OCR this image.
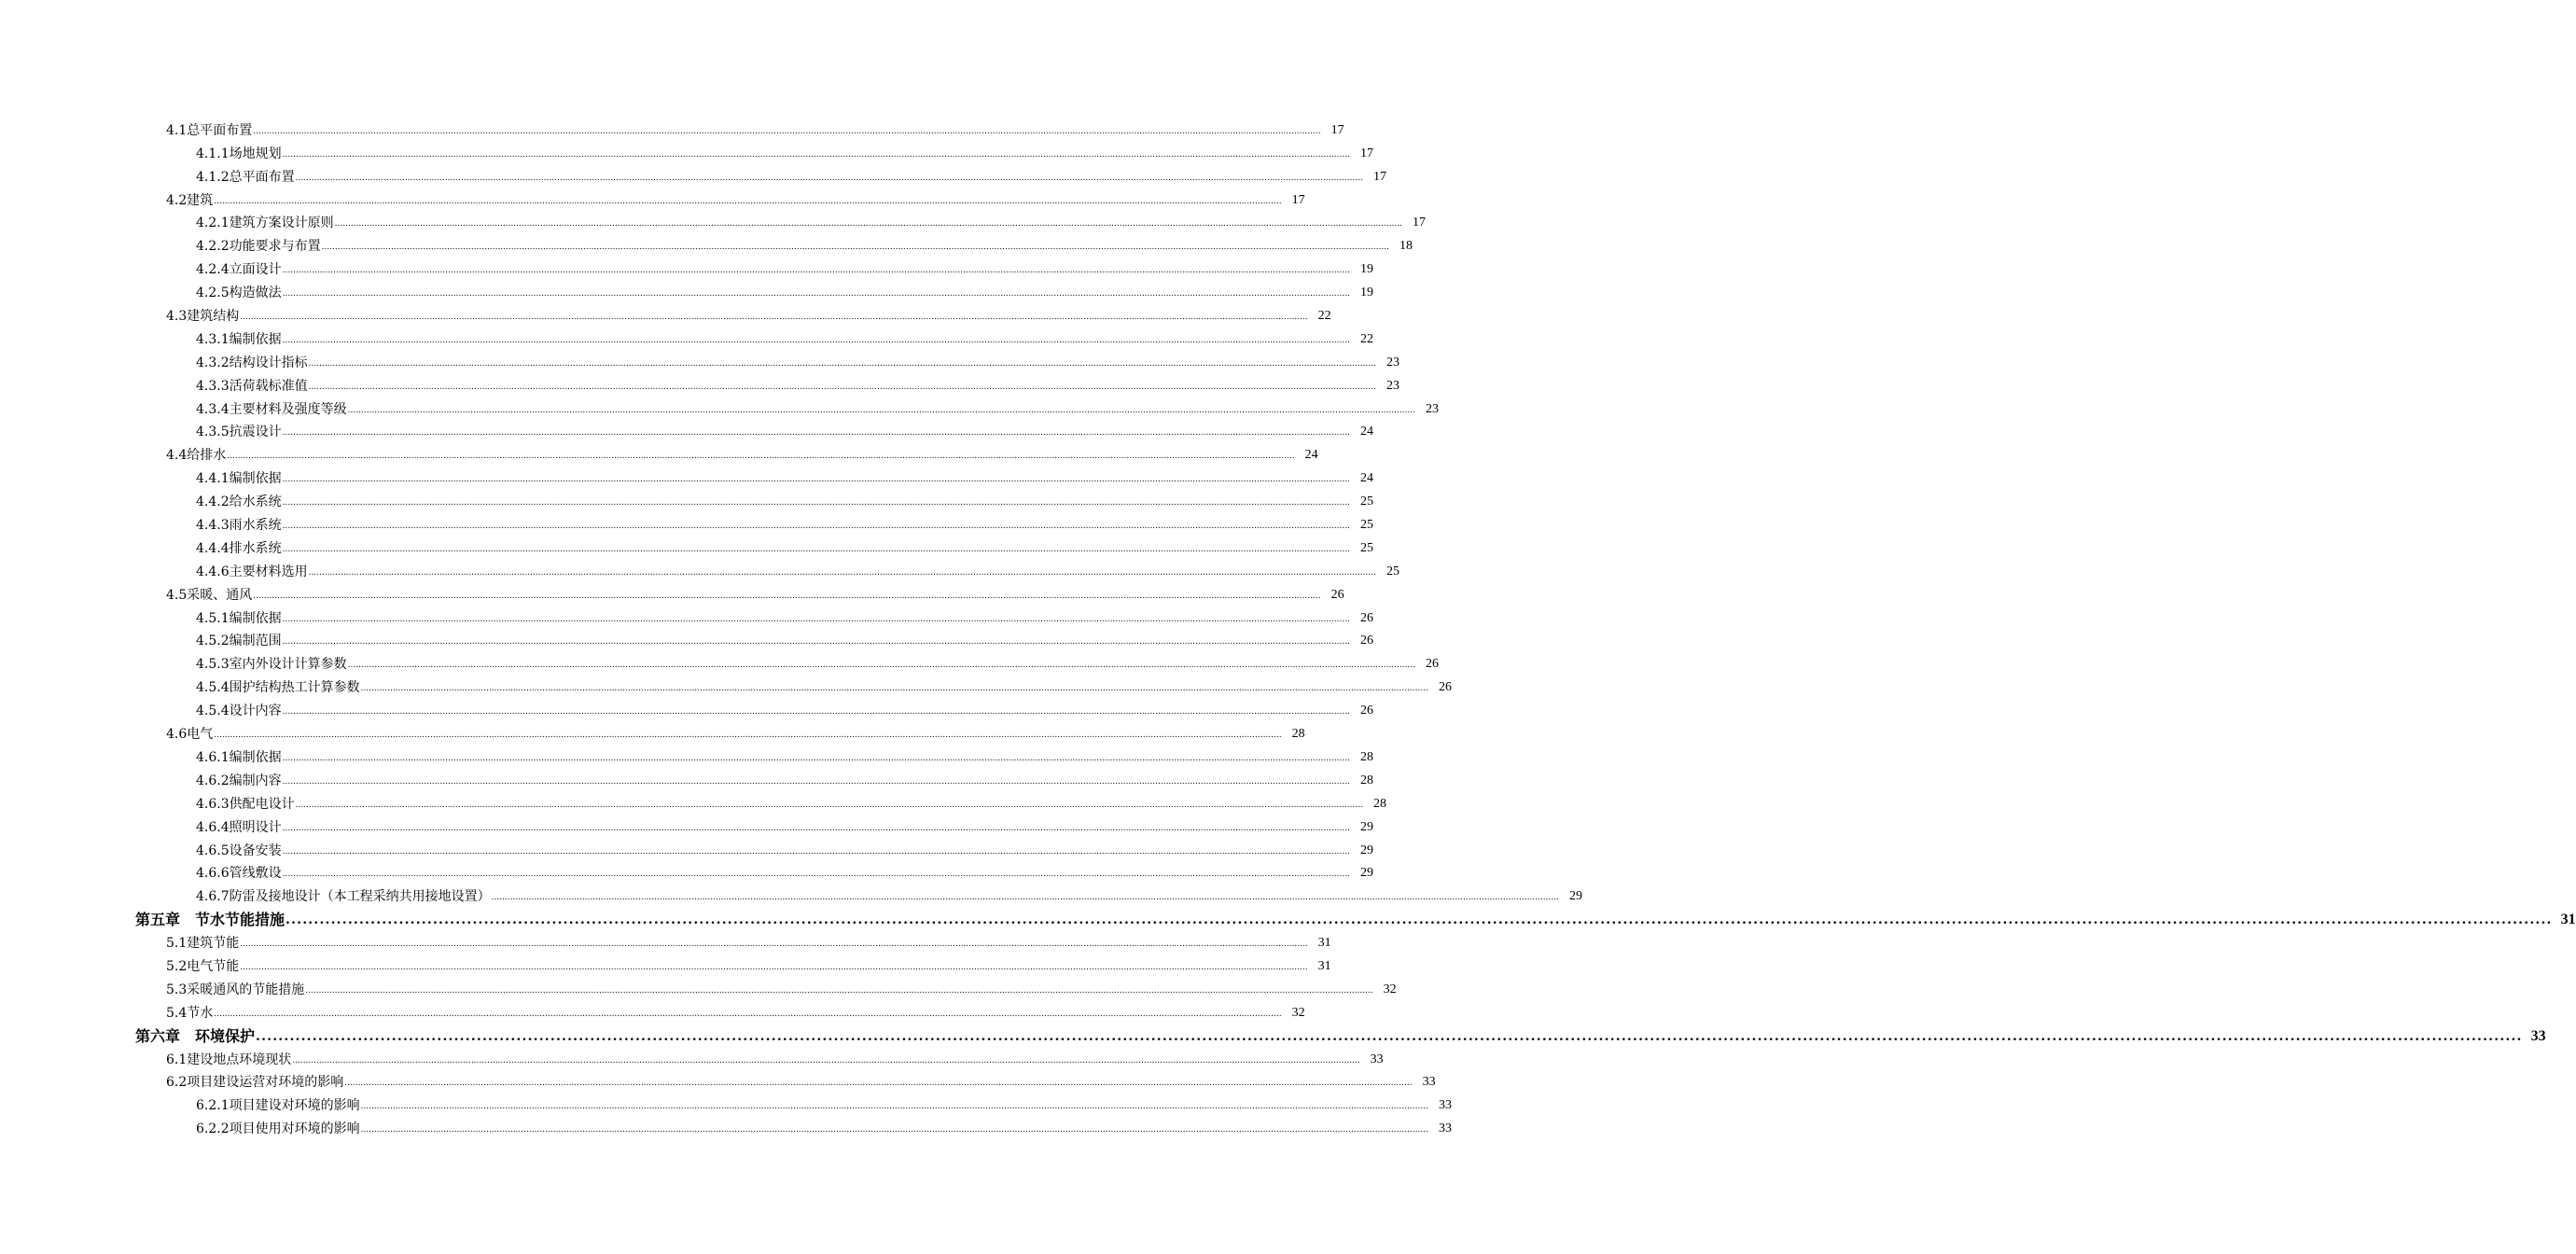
4.1总平面布置 ................................................................................................................................................................................................................................................................................................................................................................................................................ 17
4.1.1场地规划 ................................................................................................................................................................................................................................................................................................................................................................................................................ 17
4.1.2总平面布置 ................................................................................................................................................................................................................................................................................................................................................................................................................ 17
4.2建筑 ................................................................................................................................................................................................................................................................................................................................................................................................................ 17
4.2.1建筑方案设计原则 ................................................................................................................................................................................................................................................................................................................................................................................................................ 17
4.2.2功能要求与布置 ................................................................................................................................................................................................................................................................................................................................................................................................................ 18
4.2.4立面设计 ................................................................................................................................................................................................................................................................................................................................................................................................................ 19
4.2.5构造做法 ................................................................................................................................................................................................................................................................................................................................................................................................................ 19
4.3建筑结构 ................................................................................................................................................................................................................................................................................................................................................................................................................ 22
4.3.1编制依据 ................................................................................................................................................................................................................................................................................................................................................................................................................ 22
4.3.2结构设计指标 ................................................................................................................................................................................................................................................................................................................................................................................................................ 23
4.3.3活荷载标准值 ................................................................................................................................................................................................................................................................................................................................................................................................................ 23
4.3.4主要材料及强度等级 ................................................................................................................................................................................................................................................................................................................................................................................................................ 23
4.3.5抗震设计 ................................................................................................................................................................................................................................................................................................................................................................................................................ 24
4.4给排水 ................................................................................................................................................................................................................................................................................................................................................................................................................ 24
4.4.1编制依据 ................................................................................................................................................................................................................................................................................................................................................................................................................ 24
4.4.2给水系统 ................................................................................................................................................................................................................................................................................................................................................................................................................ 25
4.4.3雨水系统 ................................................................................................................................................................................................................................................................................................................................................................................................................ 25
4.4.4排水系统 ................................................................................................................................................................................................................................................................................................................................................................................................................ 25
4.4.6主要材料选用 ................................................................................................................................................................................................................................................................................................................................................................................................................ 25
4.5采暖、通风 ................................................................................................................................................................................................................................................................................................................................................................................................................ 26
4.5.1编制依据 ................................................................................................................................................................................................................................................................................................................................................................................................................ 26
4.5.2编制范围 ................................................................................................................................................................................................................................................................................................................................................................................................................ 26
4.5.3室内外设计计算参数 ................................................................................................................................................................................................................................................................................................................................................................................................................ 26
4.5.4围护结构热工计算参数 ................................................................................................................................................................................................................................................................................................................................................................................................................ 26
4.5.4设计内容 ................................................................................................................................................................................................................................................................................................................................................................................................................ 26
4.6电气 ................................................................................................................................................................................................................................................................................................................................................................................................................ 28
4.6.1编制依据 ................................................................................................................................................................................................................................................................................................................................................................................................................ 28
4.6.2编制内容 ................................................................................................................................................................................................................................................................................................................................................................................................................ 28
4.6.3供配电设计 ................................................................................................................................................................................................................................................................................................................................................................................................................ 28
4.6.4照明设计 ................................................................................................................................................................................................................................................................................................................................................................................................................ 29
4.6.5设备安装 ................................................................................................................................................................................................................................................................................................................................................................................................................ 29
4.6.6管线敷设 ................................................................................................................................................................................................................................................................................................................................................................................................................ 29
4.6.7防雷及接地设计（本工程采纳共用接地设置） ................................................................................................................................................................................................................................................................................................................................................................................................................ 29
第五章　节水节能措施 ................................................................................................................................................................................................................................................................................................................................................................................................................ 31
5.1建筑节能 ................................................................................................................................................................................................................................................................................................................................................................................................................ 31
5.2电气节能 ................................................................................................................................................................................................................................................................................................................................................................................................................ 31
5.3采暖通风的节能措施 ................................................................................................................................................................................................................................................................................................................................................................................................................ 32
5.4节水 ................................................................................................................................................................................................................................................................................................................................................................................................................ 32
第六章　环境保护 ................................................................................................................................................................................................................................................................................................................................................................................................................ 33
6.1建设地点环境现状 ................................................................................................................................................................................................................................................................................................................................................................................................................ 33
6.2项目建设运营对环境的影响 ................................................................................................................................................................................................................................................................................................................................................................................................................ 33
6.2.1项目建设对环境的影响 ................................................................................................................................................................................................................................................................................................................................................................................................................ 33
6.2.2项目使用对环境的影响 ................................................................................................................................................................................................................................................................................................................................................................................................................ 33
